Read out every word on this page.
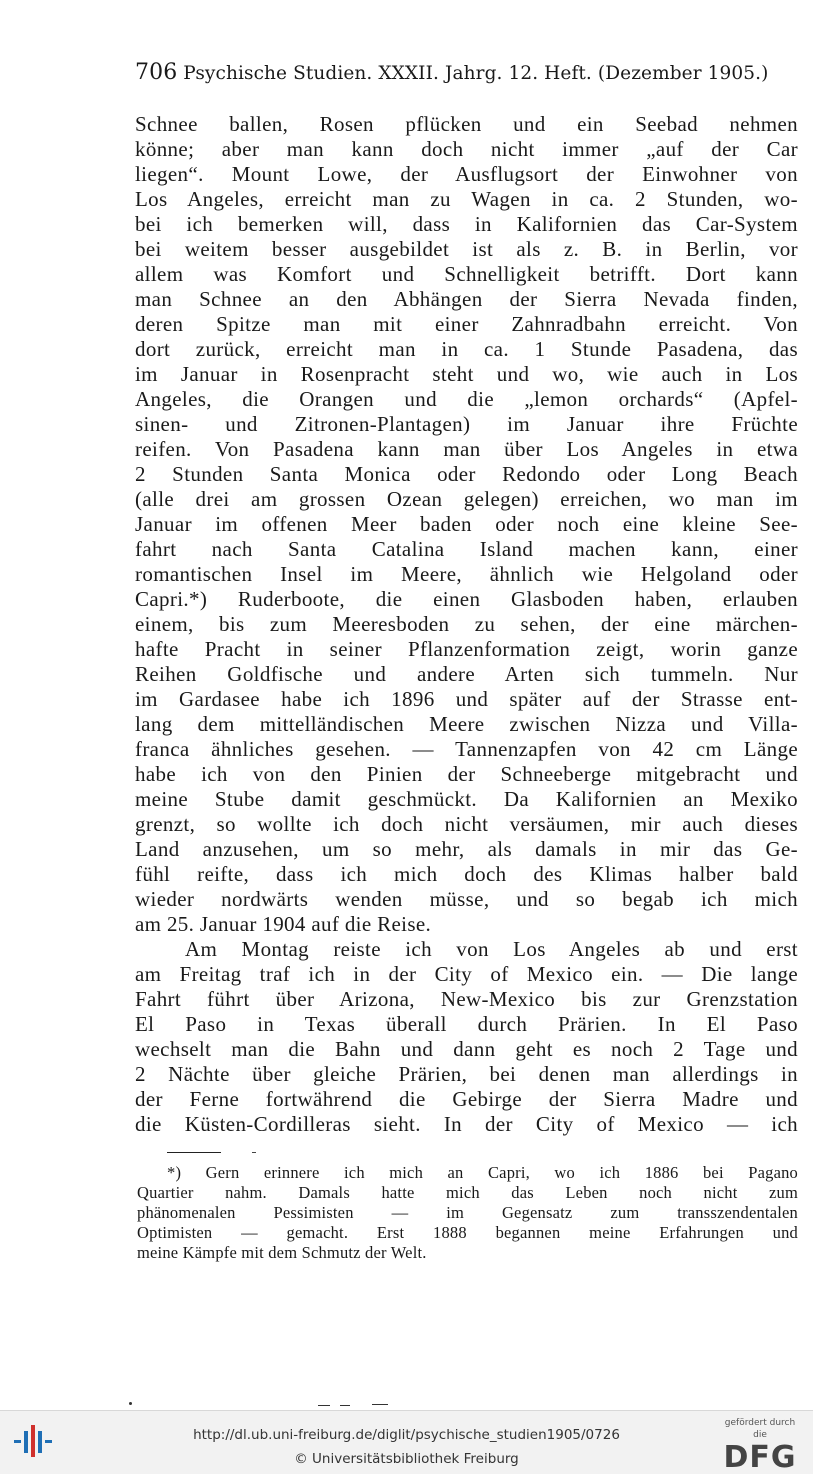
706 Psychische Studien. XXXII. Jahrg. 12. Heft. (Dezember 1905.)
Schnee ballen, Rosen pflücken und ein Seebad nehmen
könne; aber man kann doch nicht immer „auf der Car
liegen“. Mount Lowe, der Ausflugsort der Einwohner von
Los Angeles, erreicht man zu Wagen in ca. 2 Stunden, wo-
bei ich bemerken will, dass in Kalifornien das Car-System
bei weitem besser ausgebildet ist als z. B. in Berlin, vor
allem was Komfort und Schnelligkeit betrifft. Dort kann
man Schnee an den Abhängen der Sierra Nevada finden,
deren Spitze man mit einer Zahnradbahn erreicht. Von
dort zurück, erreicht man in ca. 1 Stunde Pasadena, das
im Januar in Rosenpracht steht und wo, wie auch in Los
Angeles, die Orangen und die „lemon orchards“ (Apfel-
sinen- und Zitronen-Plantagen) im Januar ihre Früchte
reifen. Von Pasadena kann man über Los Angeles in etwa
2 Stunden Santa Monica oder Redondo oder Long Beach
(alle drei am grossen Ozean gelegen) erreichen, wo man im
Januar im offenen Meer baden oder noch eine kleine See-
fahrt nach Santa Catalina Island machen kann, einer
romantischen Insel im Meere, ähnlich wie Helgoland oder
Capri.*) Ruderboote, die einen Glasboden haben, erlauben
einem, bis zum Meeresboden zu sehen, der eine märchen-
hafte Pracht in seiner Pflanzenformation zeigt, worin ganze
Reihen Goldfische und andere Arten sich tummeln. Nur
im Gardasee habe ich 1896 und später auf der Strasse ent-
lang dem mittelländischen Meere zwischen Nizza und Villa-
franca ähnliches gesehen. — Tannenzapfen von 42 cm Länge
habe ich von den Pinien der Schneeberge mitgebracht und
meine Stube damit geschmückt. Da Kalifornien an Mexiko
grenzt, so wollte ich doch nicht versäumen, mir auch dieses
Land anzusehen, um so mehr, als damals in mir das Ge-
fühl reifte, dass ich mich doch des Klimas halber bald
wieder nordwärts wenden müsse, und so begab ich mich
am 25. Januar 1904 auf die Reise.
Am Montag reiste ich von Los Angeles ab und erst
am Freitag traf ich in der City of Mexico ein. — Die lange
Fahrt führt über Arizona, New-Mexico bis zur Grenzstation
El Paso in Texas überall durch Prärien. In El Paso
wechselt man die Bahn und dann geht es noch 2 Tage und
2 Nächte über gleiche Prärien, bei denen man allerdings in
der Ferne fortwährend die Gebirge der Sierra Madre und
die Küsten-Cordilleras sieht. In der City of Mexico — ich
*) Gern erinnere ich mich an Capri, wo ich 1886 bei Pagano
Quartier nahm. Damals hatte mich das Leben noch nicht zum
phänomenalen Pessimisten — im Gegensatz zum transszendentalen
Optimisten — gemacht. Erst 1888 begannen meine Erfahrungen und
meine Kämpfe mit dem Schmutz der Welt.
http://dl.ub.uni-freiburg.de/diglit/psychische_studien1905/0726
© Universitätsbibliothek Freiburg
gefördert durch die
DFG
